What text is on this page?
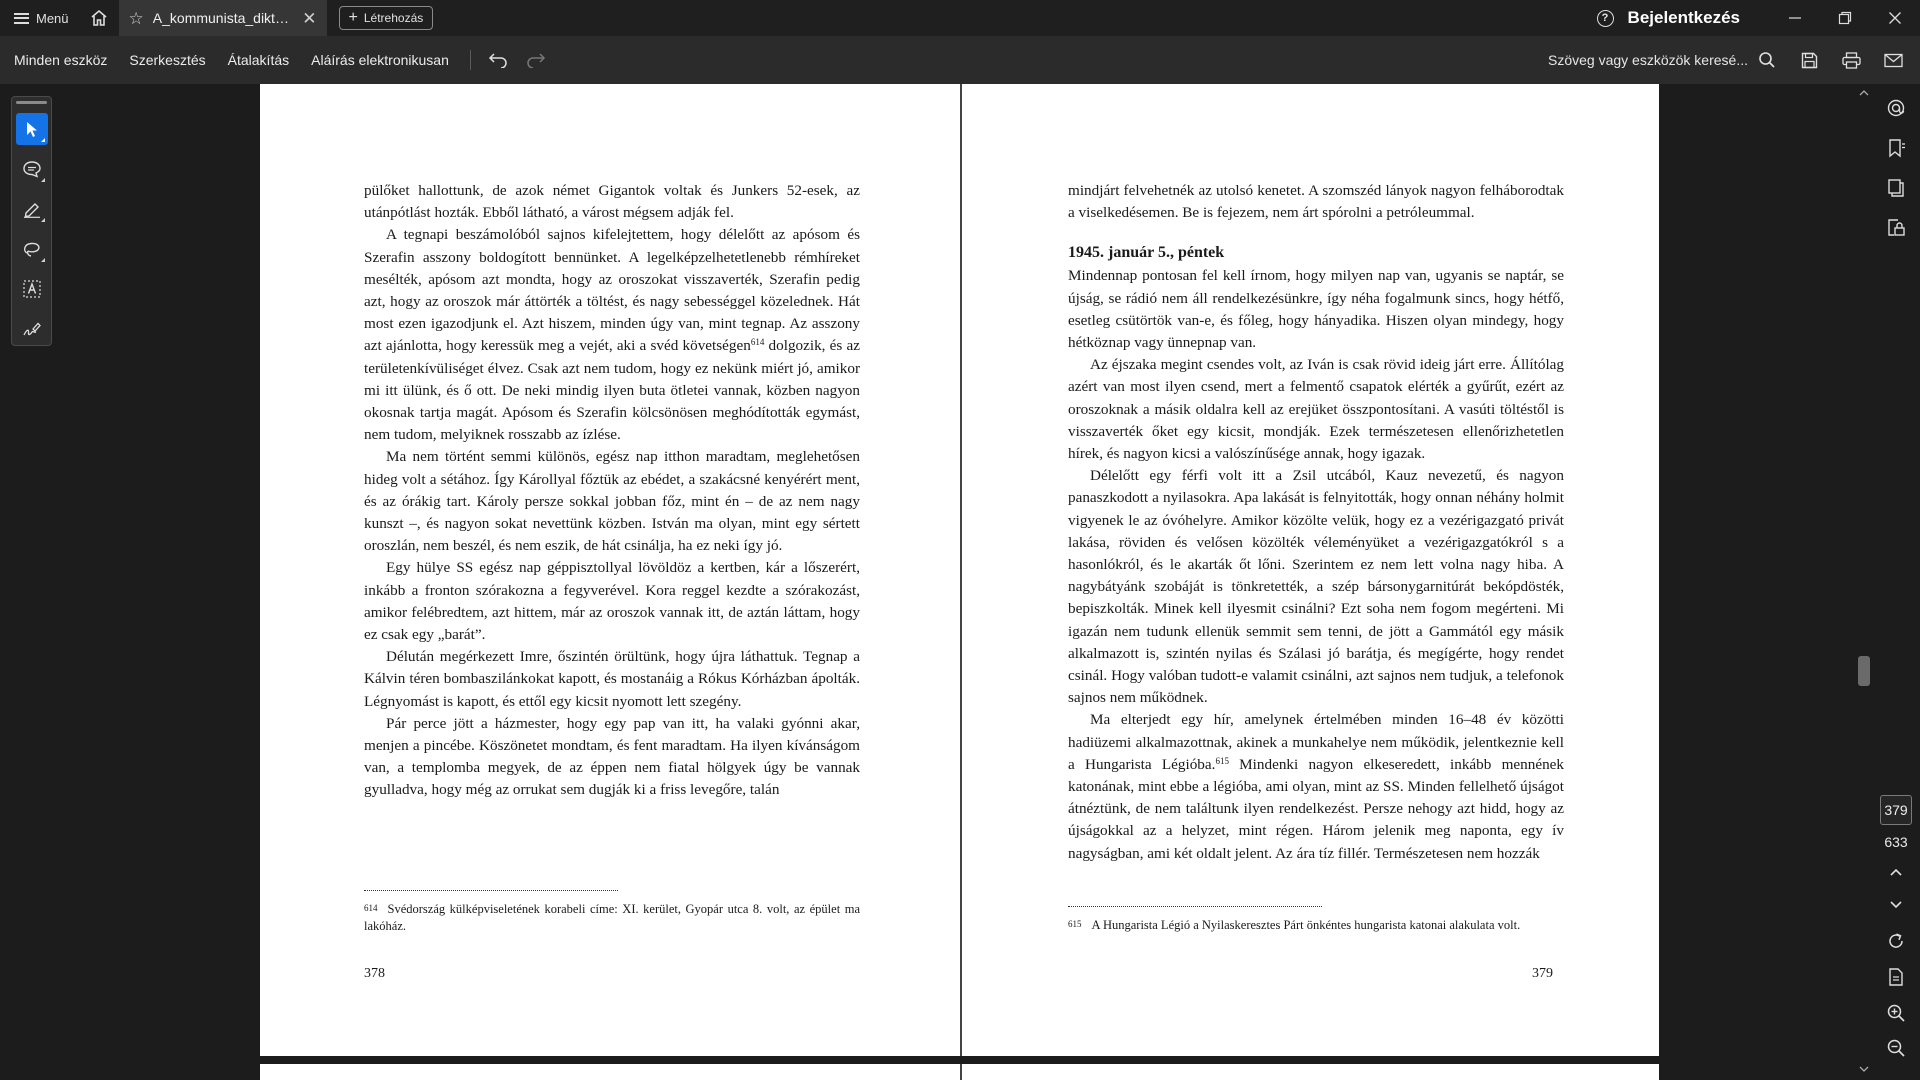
Menü	☆ A_kommunista_dikta...	✕ + Létrehozás	?	Bejelentkezés
Minden eszköz	Szerkesztés	Átalakítás	Aláírás elektronikusan	Szöveg vagy eszközök keresé...

pülőket hallottunk, de azok német Gigantok voltak és Junkers 52-esek, az utánpótlást hozták. Ebből látható, a várost mégsem adják fel.

A tegnapi beszámolóból sajnos kifelejtettem, hogy délelőtt az apósom és Szerafin asszony boldogított bennünket. A legelképzelhetetlenebb rémhíreket mesélték, apósom azt mondta, hogy az oroszokat visszaverték, Szerafin pedig azt, hogy az oroszok már áttörték a töltést, és nagy sebességgel közelednek. Hát most ezen igazodjunk el. Azt hiszem, minden úgy van, mint tegnap. Az asszony azt ajánlotta, hogy keressük meg a vejét, aki a svéd követségen$^{614}$ dolgozik, és az területenkívüliséget élvez. Csak azt nem tudom, hogy ez nekünk miért jó, amikor mi itt ülünk, és ő ott. De neki mindig ilyen buta ötletei vannak, közben nagyon okosnak tartja magát. Apósom és Szerafin kölcsönösen meghódították egymást, nem tudom, melyiknek rosszabb az ízlése.

Ma nem történt semmi különös, egész nap itthon maradtam, meglehetősen hideg volt a sétához. Így Károllyal főztük az ebédet, a szakácsné kenyérért ment, és az órákig tart. Károly persze sokkal jobban főz, mint én – de az nem nagy kunszt –, és nagyon sokat nevettünk közben. István ma olyan, mint egy sértett oroszlán, nem beszél, és nem eszik, de hát csinálja, ha ez neki így jó.

Egy hülye SS egész nap géppisztollyal lövöldöz a kertben, kár a lőszerért, inkább a fronton szórakozna a fegyverével. Kora reggel kezdte a szórakozást, amikor felébredtem, azt hittem, már az oroszok vannak itt, de aztán láttam, hogy ez csak egy „barát”.

Délután megérkezett Imre, őszintén örültünk, hogy újra láthattuk. Tegnap a Kálvin téren bombaszilánkokat kapott, és mostanáig a Rókus Kórházban ápolták. Légnyomást is kapott, és ettől egy kicsit nyomott lett szegény.

Pár perce jött a házmester, hogy egy pap van itt, ha valaki gyónni akar, menjen a pincébe. Köszönetet mondtam, és fent maradtam. Ha ilyen kívánságom van, a templomba megyek, de az éppen nem fiatal hölgyek úgy be vannak gyulladva, hogy még az orrukat sem dugják ki a friss levegőre, talán

614 Svédország külképviseletének korabeli címe: XI. kerület, Gyopár utca 8. volt, az épület ma lakóház.
378

mindjárt felvehetnék az utolsó kenetet. A szomszéd lányok nagyon felháborodtak a viselkedésemen. Be is fejezem, nem árt spórolni a petróleummal.

1945. január 5., péntek

Mindennap pontosan fel kell írnom, hogy milyen nap van, ugyanis se naptár, se újság, se rádió nem áll rendelkezésünkre, így néha fogalmunk sincs, hogy hétfő, esetleg csütörtök van-e, és főleg, hogy hányadika. Hiszen olyan mindegy, hogy hétköznap vagy ünnepnap van.

Az éjszaka megint csendes volt, az Iván is csak rövid ideig járt erre. Állítólag azért van most ilyen csend, mert a felmentő csapatok elérték a gyűrűt, ezért az oroszoknak a másik oldalra kell az erejüket összpontosítani. A vasúti töltéstől is visszaverték őket egy kicsit, mondják. Ezek természetesen ellenőrizhetetlen hírek, és nagyon kicsi a valószínűsége annak, hogy igazak.

Délelőtt egy férfi volt itt a Zsil utcából, Kauz nevezetű, és nagyon panaszkodott a nyilasokra. Apa lakását is felnyitották, hogy onnan néhány holmit vigyenek le az óvóhelyre. Amikor közölte velük, hogy ez a vezérigazgató privát lakása, röviden és velősen közölték véleményüket a vezérigazgatókról s a hasonlókról, és le akarták őt lőni. Szerintem ez nem lett volna nagy hiba. A nagybátyánk szobáját is tönkretették, a szép bársonygarnitúrát bekópdösték, bepiszkolták. Minek kell ilyesmit csinálni? Ezt soha nem fogom megérteni. Mi igazán nem tudunk ellenük semmit sem tenni, de jött a Gammától egy másik alkalmazott is, szintén nyilas és Szálasi jó barátja, és megígérte, hogy rendet csinál. Hogy valóban tudott-e valamit csinálni, azt sajnos nem tudjuk, a telefonok sajnos nem működnek.

Ma elterjedt egy hír, amelynek értelmében minden 16–48 év közötti hadiüzemi alkalmazottnak, akinek a munkahelye nem működik, jelentkeznie kell a Hungarista Légióba.$^{615}$ Mindenki nagyon elkeseredett, inkább mennének katonának, mint ebbe a légióba, ami olyan, mint az SS. Minden fellelhető újságot átnéztünk, de nem találtunk ilyen rendelkezést. Persze nehogy azt hidd, hogy az újságokkal az a helyzet, mint régen. Három jelenik meg naponta, egy ív nagyságban, ami két oldalt jelent. Az ára tíz fillér. Természetesen nem hozzák

615 A Hungarista Légió a Nyilaskeresztes Párt önkéntes hungarista katonai alakulata volt.
379
379
633
